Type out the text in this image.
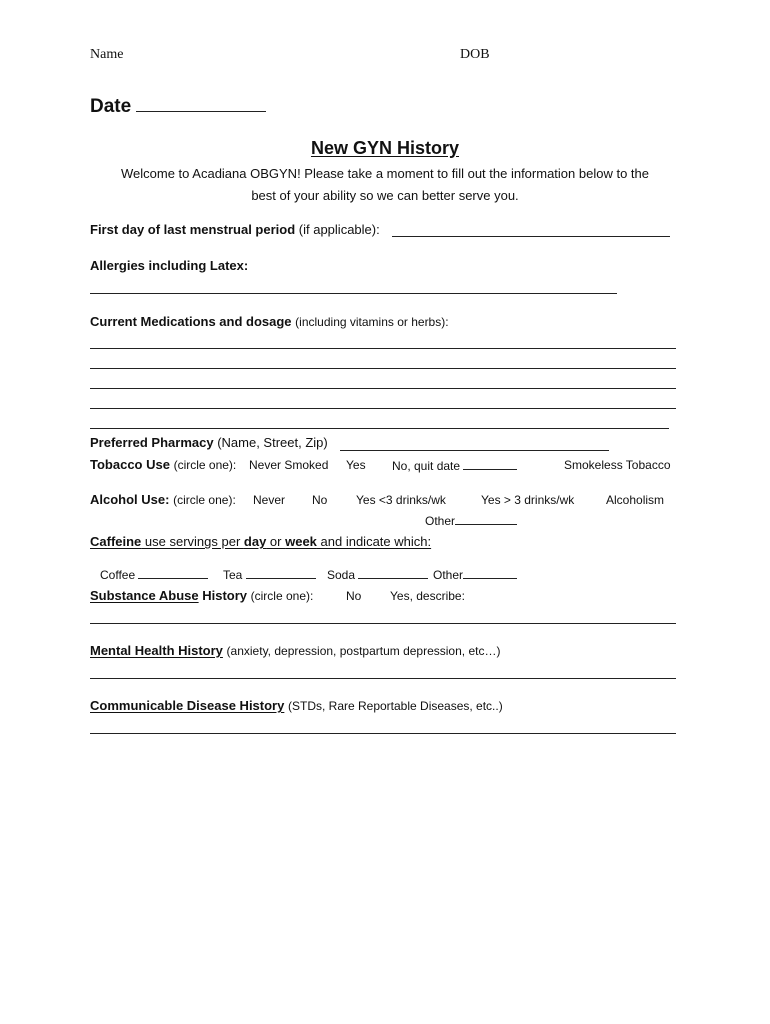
Name	DOB
Date
New GYN History
Welcome to Acadiana OBGYN! Please take a moment to fill out the information below to the
best of your ability so we can better serve you.
First day of last menstrual period (if applicable):
Allergies including Latex:
Current Medications and dosage (including vitamins or herbs):
Preferred Pharmacy (Name, Street, Zip)
Tobacco Use (circle one): Never Smoked Yes No, quit date	Smokeless Tobacco
Alcohol Use: (circle one): Never No Yes <3 drinks/wk	Yes > 3 drinks/wk	Alcoholism
Other
Caffeine use servings per day or week and indicate which:
Coffee	Tea	Soda	Other
Substance Abuse History (circle one):	No Yes, describe:
Mental Health History (anxiety, depression, postpartum depression, etc…)
Communicable Disease History (STDs, Rare Reportable Diseases, etc..)
